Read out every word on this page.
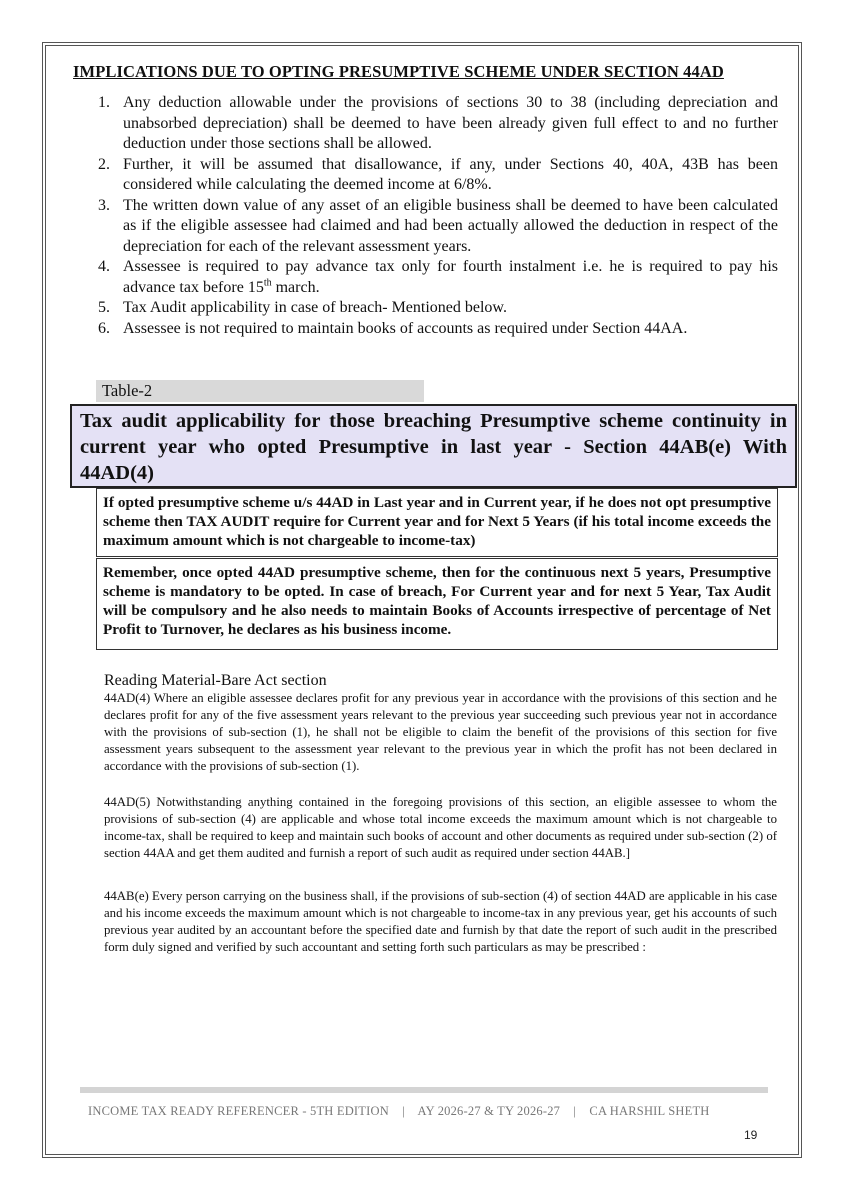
IMPLICATIONS DUE TO OPTING PRESUMPTIVE SCHEME UNDER SECTION 44AD
1. Any deduction allowable under the provisions of sections 30 to 38 (including depreciation and unabsorbed depreciation) shall be deemed to have been already given full effect to and no further deduction under those sections shall be allowed.
2. Further, it will be assumed that disallowance, if any, under Sections 40, 40A, 43B has been considered while calculating the deemed income at 6/8%.
3. The written down value of any asset of an eligible business shall be deemed to have been calculated as if the eligible assessee had claimed and had been actually allowed the deduction in respect of the depreciation for each of the relevant assessment years.
4. Assessee is required to pay advance tax only for fourth instalment i.e. he is required to pay his advance tax before 15th march.
5. Tax Audit applicability in case of breach- Mentioned below.
6. Assessee is not required to maintain books of accounts as required under Section 44AA.
Table-2
Tax audit applicability for those breaching Presumptive scheme continuity in current year who opted Presumptive in last year - Section 44AB(e) With 44AD(4)
If opted presumptive scheme u/s 44AD in Last year and in Current year, if he does not opt presumptive scheme then TAX AUDIT require for Current year and for Next 5 Years (if his total income exceeds the maximum amount which is not chargeable to income-tax)
Remember, once opted 44AD presumptive scheme, then for the continuous next 5 years, Presumptive scheme is mandatory to be opted. In case of breach, For Current year and for next 5 Year, Tax Audit will be compulsory and he also needs to maintain Books of Accounts irrespective of percentage of Net Profit to Turnover, he declares as his business income.
Reading Material-Bare Act section

44AD(4) Where an eligible assessee declares profit for any previous year in accordance with the provisions of this section and he declares profit for any of the five assessment years relevant to the previous year succeeding such previous year not in accordance with the provisions of sub-section (1), he shall not be eligible to claim the benefit of the provisions of this section for five assessment years subsequent to the assessment year relevant to the previous year in which the profit has not been declared in accordance with the provisions of sub-section (1).

44AD(5) Notwithstanding anything contained in the foregoing provisions of this section, an eligible assessee to whom the provisions of sub-section (4) are applicable and whose total income exceeds the maximum amount which is not chargeable to income-tax, shall be required to keep and maintain such books of account and other documents as required under sub-section (2) of section 44AA and get them audited and furnish a report of such audit as required under section 44AB.]

44AB(e) Every person carrying on the business shall, if the provisions of sub-section (4) of section 44AD are applicable in his case and his income exceeds the maximum amount which is not chargeable to income-tax in any previous year, get his accounts of such previous year audited by an accountant before the specified date and furnish by that date the report of such audit in the prescribed form duly signed and verified by such accountant and setting forth such particulars as may be prescribed :

INCOME TAX READY REFERENCER - 5TH EDITION    |    AY 2026-27 & TY 2026-27    |    CA HARSHIL SHETH
19
